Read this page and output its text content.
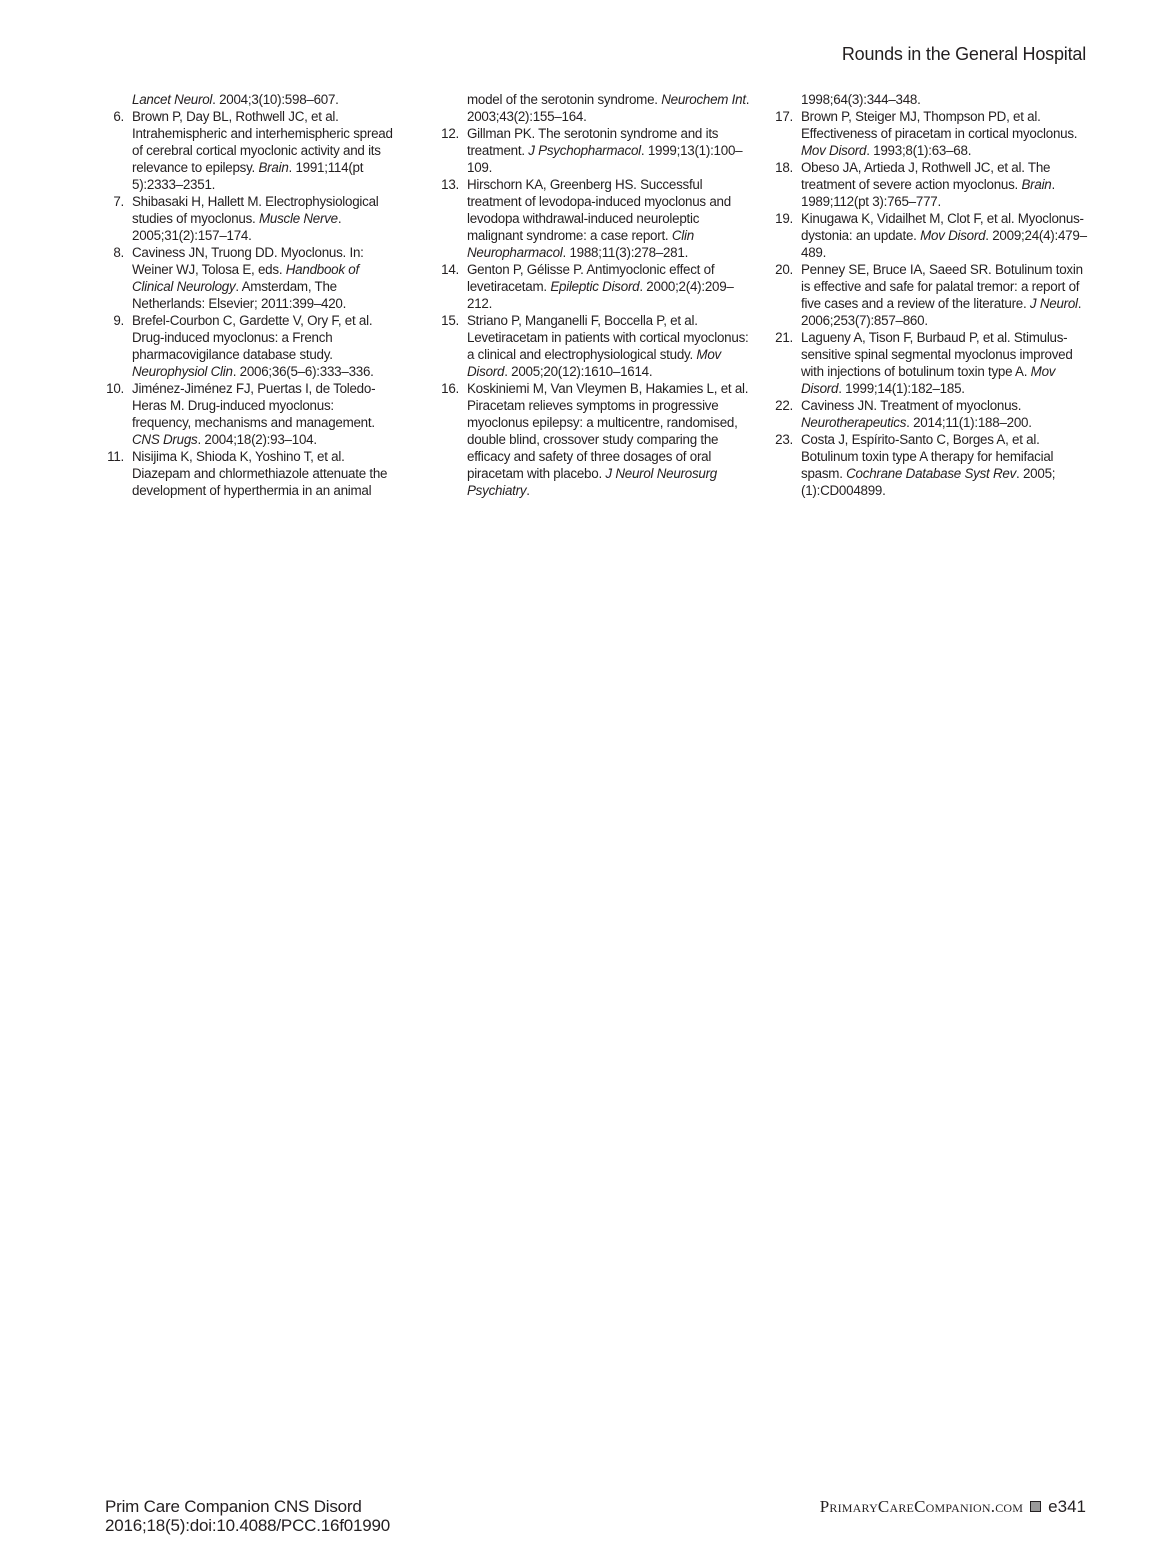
Rounds in the General Hospital
Lancet Neurol. 2004;3(10):598–607.
6. Brown P, Day BL, Rothwell JC, et al. Intrahemispheric and interhemispheric spread of cerebral cortical myoclonic activity and its relevance to epilepsy. Brain. 1991;114(pt 5):2333–2351.
7. Shibasaki H, Hallett M. Electrophysiological studies of myoclonus. Muscle Nerve. 2005;31(2):157–174.
8. Caviness JN, Truong DD. Myoclonus. In: Weiner WJ, Tolosa E, eds. Handbook of Clinical Neurology. Amsterdam, The Netherlands: Elsevier; 2011:399–420.
9. Brefel-Courbon C, Gardette V, Ory F, et al. Drug-induced myoclonus: a French pharmacovigilance database study. Neurophysiol Clin. 2006;36(5–6):333–336.
10. Jiménez-Jiménez FJ, Puertas I, de Toledo-Heras M. Drug-induced myoclonus: frequency, mechanisms and management. CNS Drugs. 2004;18(2):93–104.
11. Nisijima K, Shioda K, Yoshino T, et al. Diazepam and chlormethiazole attenuate the development of hyperthermia in an animal
model of the serotonin syndrome. Neurochem Int. 2003;43(2):155–164.
12. Gillman PK. The serotonin syndrome and its treatment. J Psychopharmacol. 1999;13(1):100–109.
13. Hirschorn KA, Greenberg HS. Successful treatment of levodopa-induced myoclonus and levodopa withdrawal-induced neuroleptic malignant syndrome: a case report. Clin Neuropharmacol. 1988;11(3):278–281.
14. Genton P, Gélisse P. Antimyoclonic effect of levetiracetam. Epileptic Disord. 2000;2(4):209–212.
15. Striano P, Manganelli F, Boccella P, et al. Levetiracetam in patients with cortical myoclonus: a clinical and electrophysiological study. Mov Disord. 2005;20(12):1610–1614.
16. Koskiniemi M, Van Vleymen B, Hakamies L, et al. Piracetam relieves symptoms in progressive myoclonus epilepsy: a multicentre, randomised, double blind, crossover study comparing the efficacy and safety of three dosages of oral piracetam with placebo. J Neurol Neurosurg Psychiatry.
1998;64(3):344–348.
17. Brown P, Steiger MJ, Thompson PD, et al. Effectiveness of piracetam in cortical myoclonus. Mov Disord. 1993;8(1):63–68.
18. Obeso JA, Artieda J, Rothwell JC, et al. The treatment of severe action myoclonus. Brain. 1989;112(pt 3):765–777.
19. Kinugawa K, Vidailhet M, Clot F, et al. Myoclonus-dystonia: an update. Mov Disord. 2009;24(4):479–489.
20. Penney SE, Bruce IA, Saeed SR. Botulinum toxin is effective and safe for palatal tremor: a report of five cases and a review of the literature. J Neurol. 2006;253(7):857–860.
21. Lagueny A, Tison F, Burbaud P, et al. Stimulus-sensitive spinal segmental myoclonus improved with injections of botulinum toxin type A. Mov Disord. 1999;14(1):182–185.
22. Caviness JN. Treatment of myoclonus. Neurotherapeutics. 2014;11(1):188–200.
23. Costa J, Espírito-Santo C, Borges A, et al. Botulinum toxin type A therapy for hemifacial spasm. Cochrane Database Syst Rev. 2005;(1):CD004899.
Prim Care Companion CNS Disord
2016;18(5):doi:10.4088/PCC.16f01990
PrimaryCareCompanion.com e341
